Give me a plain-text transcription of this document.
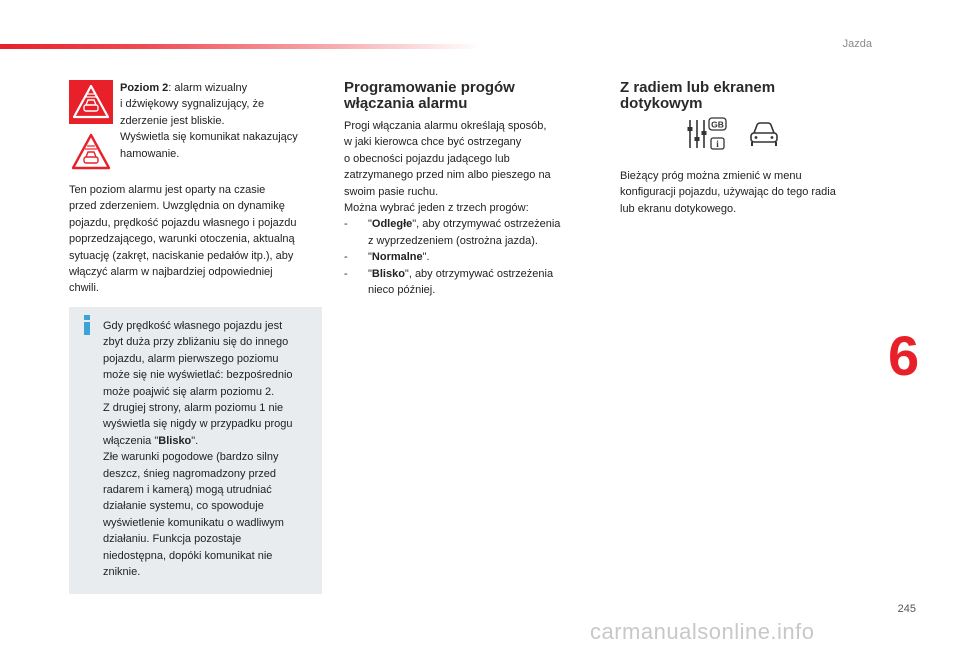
Jazda
Poziom 2: alarm wizualny
i dźwiękowy sygnalizujący, że
zderzenie jest bliskie.
Wyświetla się komunikat nakazujący
hamowanie.
Ten poziom alarmu jest oparty na czasie
przed zderzeniem. Uwzględnia on dynamikę
pojazdu, prędkość pojazdu własnego i pojazdu
poprzedzającego, warunki otoczenia, aktualną
sytuację (zakręt, naciskanie pedałów itp.), aby
włączyć alarm w najbardziej odpowiedniej
chwili.
Gdy prędkość własnego pojazdu jest
zbyt duża przy zbliżaniu się do innego
pojazdu, alarm pierwszego poziomu
może się nie wyświetlać: bezpośrednio
może poajwić się alarm poziomu 2.
Z drugiej strony, alarm poziomu 1 nie
wyświetla się nigdy w przypadku progu
włączenia "Blisko".
Złe warunki pogodowe (bardzo silny
deszcz, śnieg nagromadzony przed
radarem i kamerą) mogą utrudniać
działanie systemu, co spowoduje
wyświetlenie komunikatu o wadliwym
działaniu. Funkcja pozostaje
niedostępna, dopóki komunikat nie
zniknie.
Programowanie progów
włączania alarmu
Progi włączania alarmu określają sposób,
w jaki kierowca chce być ostrzegany
o obecności pojazdu jadącego lub
zatrzymanego przed nim albo pieszego na
swoim pasie ruchu.
Można wybrać jeden z trzech progów:
- "Odległe", aby otrzymywać ostrzeżenia
z wyprzedzeniem (ostrożna jazda).
- "Normalne".
- "Blisko", aby otrzymywać ostrzeżenia
nieco później.
Z radiem lub ekranem
dotykowym
GB
i
Bieżący próg można zmienić w menu
konfiguracji pojazdu, używając do tego radia
lub ekranu dotykowego.
6
245
carmanualsonline.info
